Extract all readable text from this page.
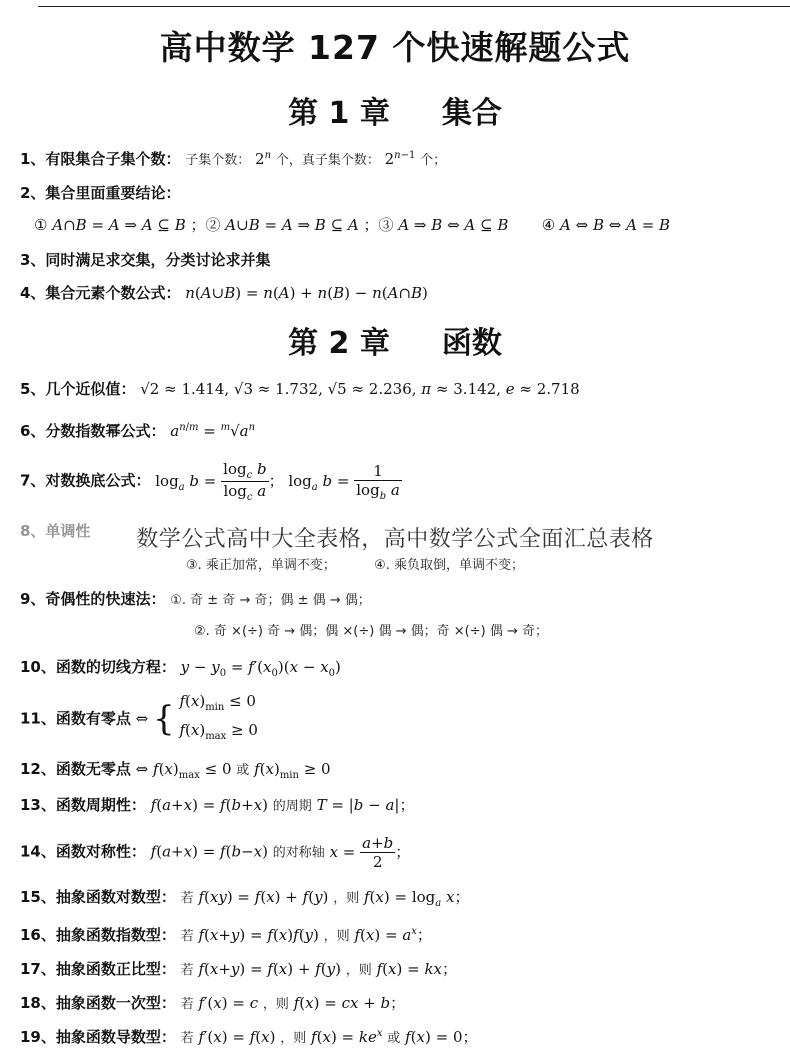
高中数学 127 个快速解题公式
第 1 章 集合
1、有限集合子集个数： 子集个数： 2$^n$ 个，真子集个数： $2^{n-1}$ 个；
2、集合里面重要结论：
① A∩B = A ⇒ A ⊆ B ；② A∪B = A ⇒ B ⊆ A ；③ A ⇒ B ⇔ A ⊆ B       ④ A ⇔ B ⇔ A = B
3、同时满足求交集，分类讨论求并集
4、集合元素个数公式： n(A∪B) = n(A) + n(B) − n(A∩B)
第 2 章 函数
5、几个近似值： √2 ≈ 1.414, √3 ≈ 1.732, √5 ≈ 2.236, π ≈ 3.142, e ≈ 2.718
6、分数指数幂公式： $a^{n/m} = ^m√a^n$
7、对数换底公式： $\log_a b = \frac{\log_c b}{\log_c a}$ ； $\log_a b = \frac{1}{\log_b a}$
③. 乘正加常，单调不变；	④. 乘负取倒，单调不变；
数学公式高中大全表格，高中数学公式全面汇总表格
9、奇偶性的快速法： ①. 奇 ± 奇 → 奇；偶 ± 偶 → 偶；
②. 奇 ×(÷) 奇 → 偶；偶 ×(÷) 偶 → 偶；奇 ×(÷) 偶 → 奇；
10、函数的切线方程： $y - y_0 = f'(x_0)(x - x_0)$
11、函数有零点 ⇔ { $f(x)_{min} \le 0$
$f(x)_{max} \ge 0$
12、函数无零点 ⇔ $f(x)_{max} \le 0$ 或 $f(x)_{min} \ge 0$
13、函数周期性： f(a+x) = f(b+x) 的周期 T = |b − a|；
14、函数对称性： f(a+x) = f(b−x) 的对称轴 $x = \frac{a+b}{2}$ ；
15、抽象函数对数型： 若 f(xy) = f(x) + f(y) ，则 $f(x) = \log_a x$；
16、抽象函数指数型： 若 f(x+y) = f(x)f(y) ，则 $f(x) = a^x$；
17、抽象函数正比型： 若 f(x+y) = f(x) + f(y) ，则 f(x) = kx；
18、抽象函数一次型： 若 f′(x) = c ，则 f(x) = cx + b；
19、抽象函数导数型： 若 f′(x) = f(x) ，则 $f(x) = ke^x$ 或 f(x) = 0；
